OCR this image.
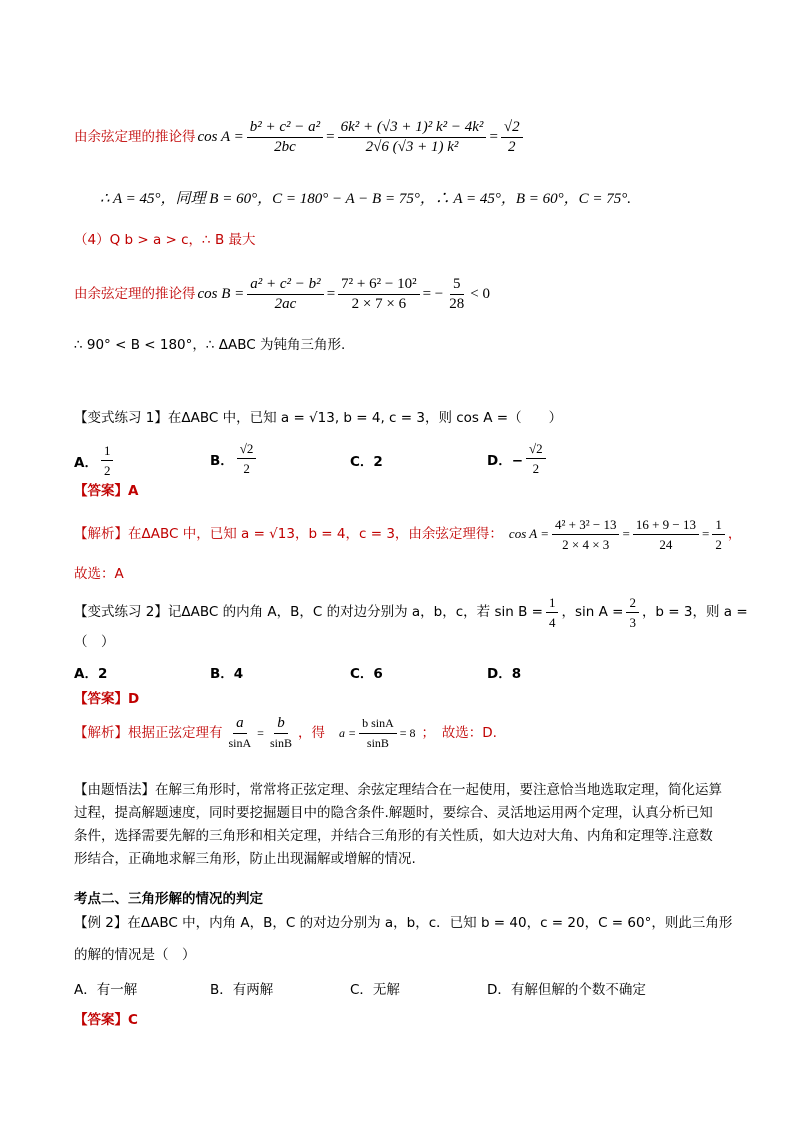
由余弦定理的推论得 $\cos A = \frac{\text{b² + c² − a²}}{2bc} = \frac{\text{6k² + (√3 + 1)² k² − 4k²}}{\text{2√6 (√3 + 1) k²}} = \frac{√2}{2}$
∴ A = 45°，同理 B = 60°，C = 180° − A − B = 75°，∴ A = 45°，B = 60°，C = 75°.
（4）Q b > a > c，∴ B 最大
由余弦定理的推论得 $\cos B = \frac{\text{a² + c² − b²}}{2ac} = \frac{\text{7² + 6² − 10²}}{2 \times 7 \times 6}$ = − $\frac{5}{28} < 0$
∴ 90° < B < 180°，∴ ΔABC 为钝角三角形.
【变式练习 1】在ΔABC 中，已知 a = √13, b = 4, c = 3，则 cos A =（　　）
A． $\frac{1}{2}$	B． $\frac{√2}{2}$	C．2	D．− $\frac{√2}{2}$
【答案】A
【解析】在ΔABC 中，已知 a = √13，b = 4，c = 3，由余弦定理得： $\cos A = \frac{\text{4² + 3² − 13}}{2 \times 4 \times 3} = \frac{16 + 9 - 13}{24} = \frac{1}{2}$ ，
故选：A
【变式练习 2】记ΔABC 的内角 A，B，C 的对边分别为 a，b，c，若 $\sin B = \frac{1}{4}$ ，$\sin A = \frac{2}{3}$ ，b = 3，则 a =
（　）
A．2	B．4	C．6	D．8
【答案】D
【解析】根据正弦定理有 $\frac{a}{\sin A} = \frac{b}{\sin B}$ ，得 $a = \frac{\text{b sinA}}{\sin B} = 8$ ；　故选：D.
【由题悟法】在解三角形时，常常将正弦定理、余弦定理结合在一起使用，要注意恰当地选取定理，简化运算过程，提高解题速度，同时要挖掘题目中的隐含条件.解题时，要综合、灵活地运用两个定理，认真分析已知条件，选择需要先解的三角形和相关定理，并结合三角形的有关性质，如大边对大角、内角和定理等.注意数形结合，正确地求解三角形，防止出现漏解或增解的情况.
考点二、三角形解的情况的判定
【例 2】在ΔABC 中，内角 A，B，C 的对边分别为 a，b，c．已知 b = 40，c = 20，C = 60°，则此三角形
的解的情况是（　）
A．有一解	B．有两解	C．无解	D．有解但解的个数不确定
【答案】C
